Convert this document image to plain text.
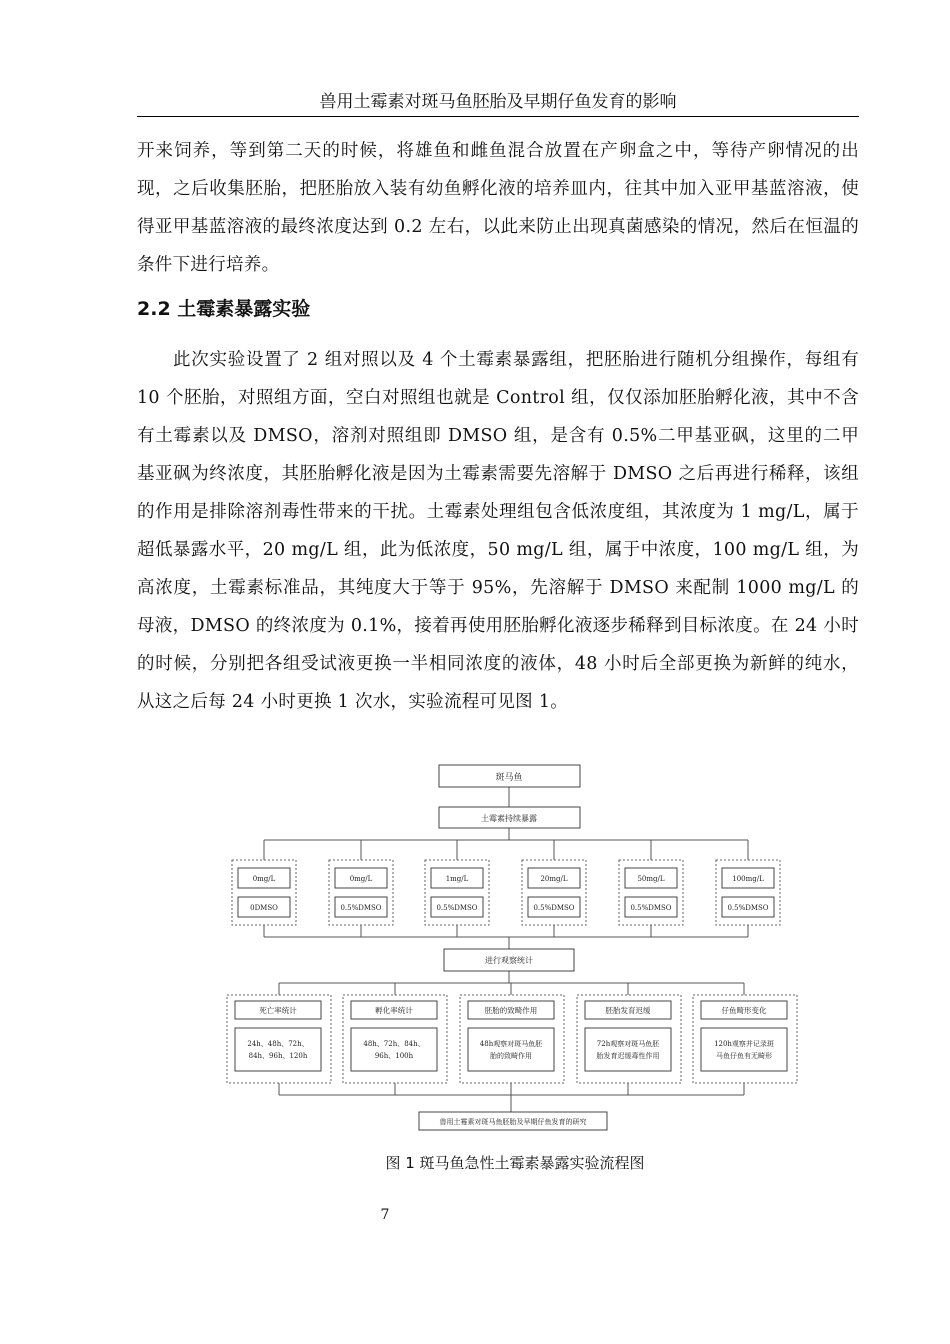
兽用土霉素对斑马鱼胚胎及早期仔鱼发育的影响
开来饲养，等到第二天的时候，将雄鱼和雌鱼混合放置在产卵盒之中，等待产卵情况的出现，之后收集胚胎，把胚胎放入装有幼鱼孵化液的培养皿内，往其中加入亚甲基蓝溶液，使得亚甲基蓝溶液的最终浓度达到 0.2 左右，以此来防止出现真菌感染的情况，然后在恒温的条件下进行培养。
2.2 土霉素暴露实验
此次实验设置了 2 组对照以及 4 个土霉素暴露组，把胚胎进行随机分组操作，每组有 10 个胚胎，对照组方面，空白对照组也就是 Control 组，仅仅添加胚胎孵化液，其中不含有土霉素以及 DMSO，溶剂对照组即 DMSO 组，是含有 0.5%二甲基亚砜，这里的二甲基亚砜为终浓度，其胚胎孵化液是因为土霉素需要先溶解于 DMSO 之后再进行稀释，该组的作用是排除溶剂毒性带来的干扰。土霉素处理组包含低浓度组，其浓度为 1 mg/L，属于超低暴露水平，20 mg/L 组，此为低浓度，50 mg/L 组，属于中浓度，100 mg/L 组，为高浓度，土霉素标准品，其纯度大于等于 95%，先溶解于 DMSO 来配制 1000 mg/L 的母液，DMSO 的终浓度为 0.1%，接着再使用胚胎孵化液逐步稀释到目标浓度。在 24 小时的时候，分别把各组受试液更换一半相同浓度的液体，48 小时后全部更换为新鲜的纯水，从这之后每 24 小时更换 1 次水，实验流程可见图 1。
斑马鱼
土霉素持续暴露
0mg/L
0DMSO
0mg/L
0.5%DMSO
1mg/L
0.5%DMSO
20mg/L
0.5%DMSO
50mg/L
0.5%DMSO
100mg/L
0.5%DMSO
进行观察统计
死亡率统计
24h、48h、72h、
84h、96h、120h
孵化率统计
48h、72h、84h、
96h、100h
胚胎的致畸作用
48h观察对斑马鱼胚
胎的致畸作用
胚胎发育迟缓
72h观察对斑马鱼胚
胎发育迟缓毒性作用
仔鱼畸形变化
120h观察并记录斑
马鱼仔鱼有无畸形
兽用土霉素对斑马鱼胚胎及早期仔鱼发育的研究
图 1 斑马鱼急性土霉素暴露实验流程图
7
